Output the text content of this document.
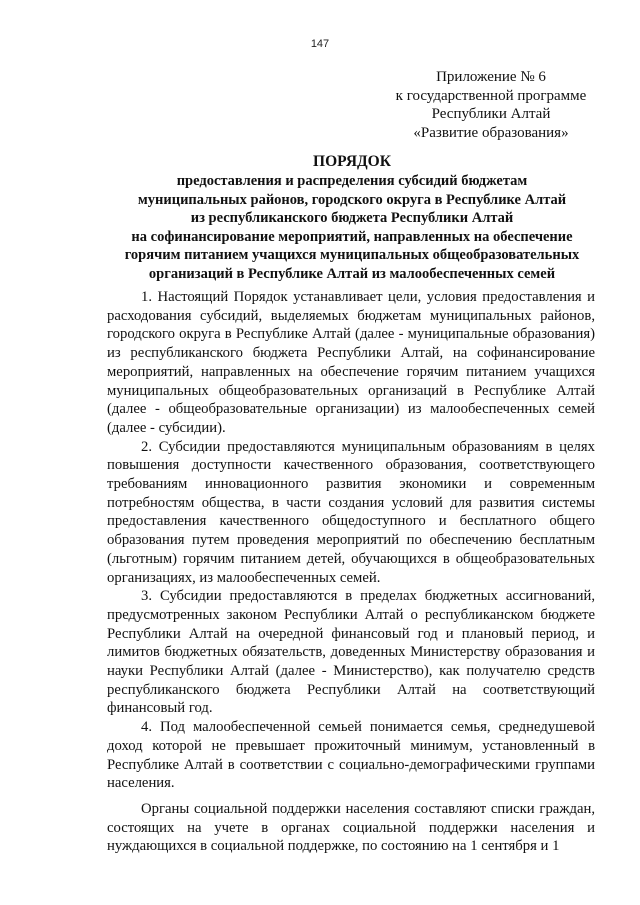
147
Приложение № 6
к государственной программе
Республики Алтай
«Развитие образования»
ПОРЯДОК
предоставления и распределения субсидий бюджетам
муниципальных районов, городского округа в Республике Алтай
из республиканского бюджета Республики Алтай
на софинансирование мероприятий, направленных на обеспечение
горячим питанием учащихся муниципальных общеобразовательных
организаций в Республике Алтай из малообеспеченных семей

1. Настоящий Порядок устанавливает цели, условия предоставления и расходования субсидий, выделяемых бюджетам муниципальных районов, городского округа в Республике Алтай (далее - муниципальные образования) из республиканского бюджета Республики Алтай, на софинансирование мероприятий, направленных на обеспечение горячим питанием учащихся муниципальных общеобразовательных организаций в Республике Алтай (далее - общеобразовательные организации) из малообеспеченных семей (далее - субсидии).

2. Субсидии предоставляются муниципальным образованиям в целях повышения доступности качественного образования, соответствующего требованиям инновационного развития экономики и современным потребностям общества, в части создания условий для развития системы предоставления качественного общедоступного и бесплатного общего образования путем проведения мероприятий по обеспечению бесплатным (льготным) горячим питанием детей, обучающихся в общеобразовательных организациях, из малообеспеченных семей.

3. Субсидии предоставляются в пределах бюджетных ассигнований, предусмотренных законом Республики Алтай о республиканском бюджете Республики Алтай на очередной финансовый год и плановый период, и лимитов бюджетных обязательств, доведенных Министерству образования и науки Республики Алтай (далее - Министерство), как получателю средств республиканского бюджета Республики Алтай на соответствующий финансовый год.

4. Под малообеспеченной семьей понимается семья, среднедушевой доход которой не превышает прожиточный минимум, установленный в Республике Алтай в соответствии с социально-демографическими группами населения.

Органы социальной поддержки населения составляют списки граждан, состоящих на учете в органах социальной поддержки населения и нуждающихся в социальной поддержке, по состоянию на 1 сентября и 1
